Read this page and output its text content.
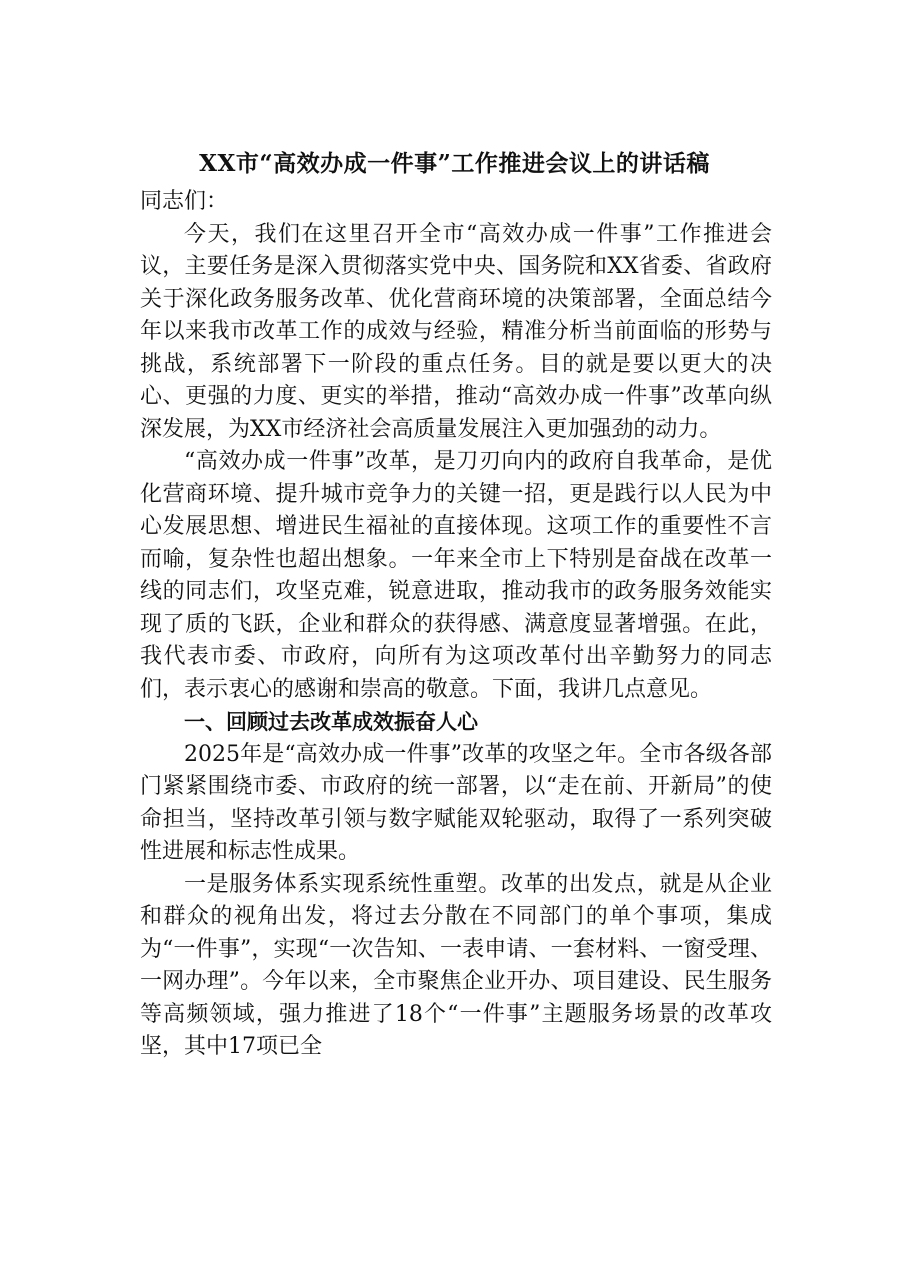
XX市“高效办成一件事”工作推进会议上的讲话稿

同志们：

今天，我们在这里召开全市“高效办成一件事”工作推进会议，主要任务是深入贯彻落实党中央、国务院和XX省委、省政府关于深化政务服务改革、优化营商环境的决策部署，全面总结今年以来我市改革工作的成效与经验，精准分析当前面临的形势与挑战，系统部署下一阶段的重点任务。目的就是要以更大的决心、更强的力度、更实的举措，推动“高效办成一件事”改革向纵深发展，为XX市经济社会高质量发展注入更加强劲的动力。

“高效办成一件事”改革，是刀刃向内的政府自我革命，是优化营商环境、提升城市竞争力的关键一招，更是践行以人民为中心发展思想、增进民生福祉的直接体现。这项工作的重要性不言而喻，复杂性也超出想象。一年来全市上下特别是奋战在改革一线的同志们，攻坚克难，锐意进取，推动我市的政务服务效能实现了质的飞跃，企业和群众的获得感、满意度显著增强。在此，我代表市委、市政府，向所有为这项改革付出辛勤努力的同志们，表示衷心的感谢和崇高的敬意。下面，我讲几点意见。

一、回顾过去改革成效振奋人心

2025年是“高效办成一件事”改革的攻坚之年。全市各级各部门紧紧围绕市委、市政府的统一部署，以“走在前、开新局”的使命担当，坚持改革引领与数字赋能双轮驱动，取得了一系列突破性进展和标志性成果。

一是服务体系实现系统性重塑。改革的出发点，就是从企业和群众的视角出发，将过去分散在不同部门的单个事项，集成为“一件事”，实现“一次告知、一表申请、一套材料、一窗受理、一网办理”。今年以来，全市聚焦企业开办、项目建设、民生服务等高频领域，强力推进了18个“一件事”主题服务场景的改革攻坚，其中17项已全
